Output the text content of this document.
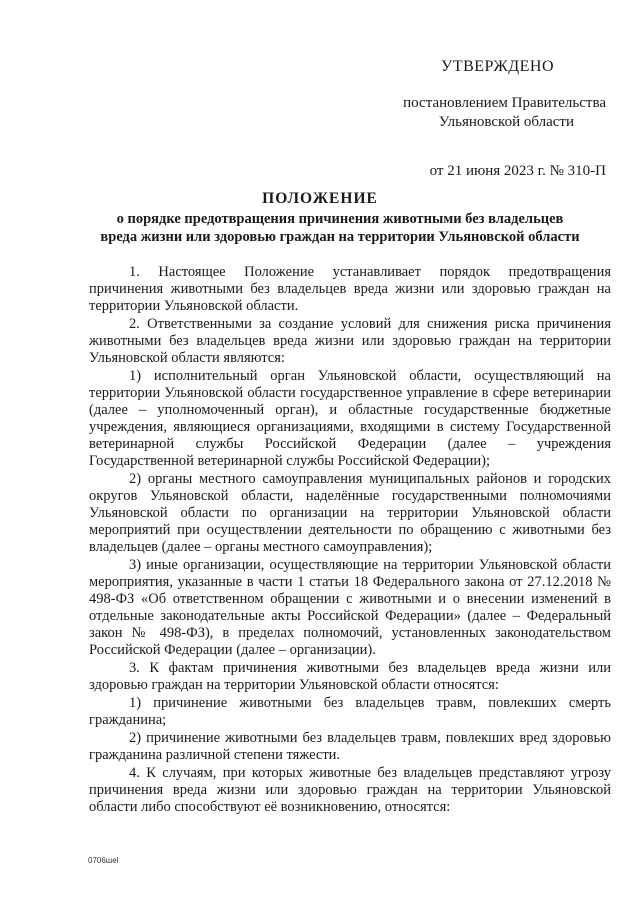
УТВЕРЖДЕНО
постановлением Правительства
Ульяновской области
от 21 июня 2023 г. № 310-П
ПОЛОЖЕНИЕ
о порядке предотвращения причинения животными без владельцев
вреда жизни или здоровью граждан на территории Ульяновской области

1. Настоящее Положение устанавливает порядок предотвращения причинения животными без владельцев вреда жизни или здоровью граждан на территории Ульяновской области.

2. Ответственными за создание условий для снижения риска причинения животными без владельцев вреда жизни или здоровью граждан на территории Ульяновской области являются:

1) исполнительный орган Ульяновской области, осуществляющий на территории Ульяновской области государственное управление в сфере ветеринарии (далее – уполномоченный орган), и областные государственные бюджетные учреждения, являющиеся организациями, входящими в систему Государственной ветеринарной службы Российской Федерации (далее – учреждения Государственной ветеринарной службы Российской Федерации);

2) органы местного самоуправления муниципальных районов и городских округов Ульяновской области, наделённые государственными полномочиями Ульяновской области по организации на территории Ульяновской области мероприятий при осуществлении деятельности по обращению с животными без владельцев (далее – органы местного самоуправления);

3) иные организации, осуществляющие на территории Ульяновской области мероприятия, указанные в части 1 статьи 18 Федерального закона от 27.12.2018 № 498-ФЗ «Об ответственном обращении с животными и о внесении изменений в отдельные законодательные акты Российской Федерации» (далее – Федеральный закон № 498-ФЗ), в пределах полномочий, установленных законодательством Российской Федерации (далее – организации).

3. К фактам причинения животными без владельцев вреда жизни или здоровью граждан на территории Ульяновской области относятся:

1) причинение животными без владельцев травм, повлекших смерть гражданина;

2) причинение животными без владельцев травм, повлекших вред здоровью гражданина различной степени тяжести.

4. К случаям, при которых животные без владельцев представляют угрозу причинения вреда жизни или здоровью граждан на территории Ульяновской области либо способствуют её возникновению, относятся:

0706шеl
